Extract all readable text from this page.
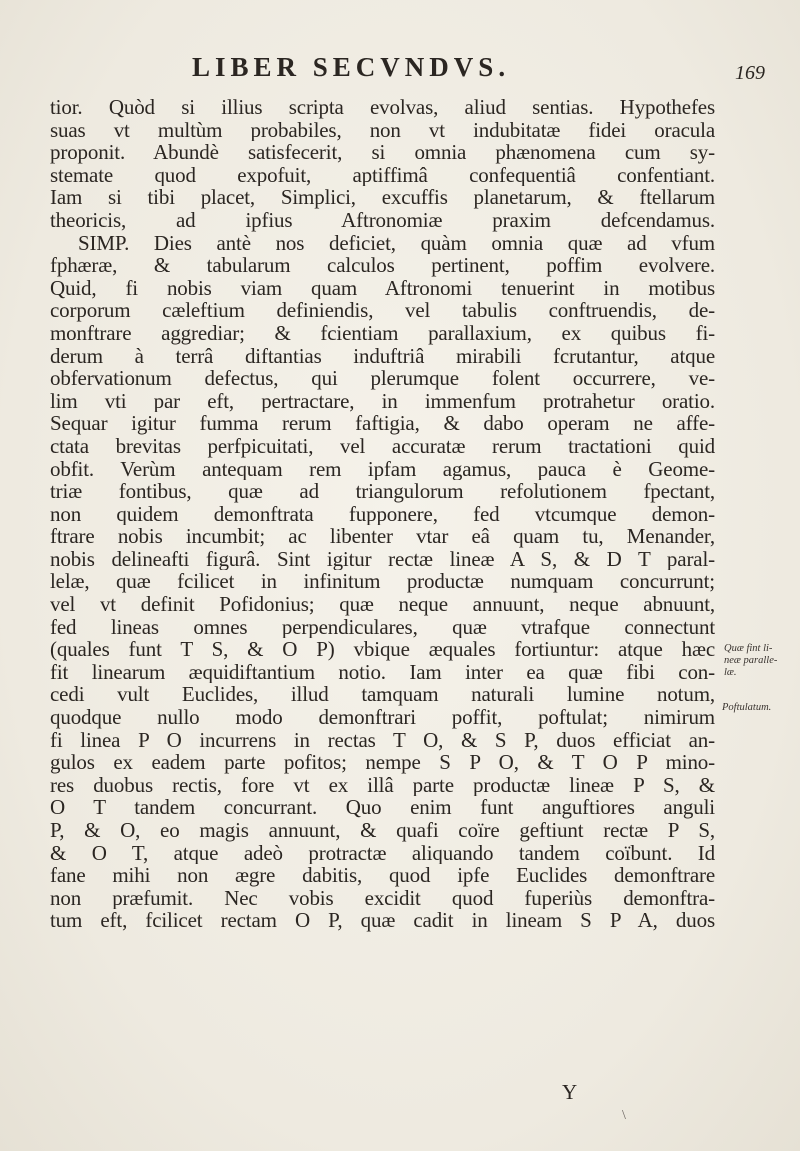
LIBER SECVNDVS.	169
tior. Quòd si illius scripta evolvas, aliud sentias. Hypothefes
suas vt multùm probabiles, non vt indubitatæ fidei oracula
proponit. Abundè satisfecerit, si omnia phænomena cum sy-
stemate quod expofuit, aptiffimâ confequentiâ confentiant.
Iam si tibi placet, Simplici, excuffis planetarum, & ftellarum
theoricis, ad ipfius Aftronomiæ praxim defcendamus.
SIMP. Dies antè nos deficiet, quàm omnia quæ ad vfum
fphæræ, & tabularum calculos pertinent, poffim evolvere.
Quid, fi nobis viam quam Aftronomi tenuerint in motibus
corporum cæleftium definiendis, vel tabulis conftruendis, de-
monftrare aggrediar; & fcientiam parallaxium, ex quibus fi-
derum à terrâ diftantias induftriâ mirabili fcrutantur, atque
obfervationum defectus, qui plerumque folent occurrere, ve-
lim vti par eft, pertractare, in immenfum protrahetur oratio.
Sequar igitur fumma rerum faftigia, & dabo operam ne affe-
ctata brevitas perfpicuitati, vel accuratæ rerum tractationi quid
obfit. Verùm antequam rem ipfam agamus, pauca è Geome-
triæ fontibus, quæ ad triangulorum refolutionem fpectant,
non quidem demonftrata fupponere, fed vtcumque demon-
ftrare nobis incumbit; ac libenter vtar eâ quam tu, Menander,
nobis delineafti figurâ. Sint igitur rectæ lineæ A S, & D T paral-
lelæ, quæ fcilicet in infinitum productæ numquam concurrunt;
vel vt definit Pofidonius; quæ neque annuunt, neque abnuunt,
fed lineas omnes perpendiculares, quæ vtrafque connectunt
(quales funt T S, & O P) vbique æquales fortiuntur: atque hæc
fit linearum æquidiftantium notio. Iam inter ea quæ fibi con-
cedi vult Euclides, illud tamquam naturali lumine notum,
quodque nullo modo demonftrari poffit, poftulat; nimirum
fi linea P O incurrens in rectas T O, & S P, duos efficiat an-
gulos ex eadem parte pofitos; nempe S P O, & T O P mino-
res duobus rectis, fore vt ex illâ parte productæ lineæ P S, &
O T tandem concurrant. Quo enim funt anguftiores anguli
P, & O, eo magis annuunt, & quafi coïre geftiunt rectæ P S,
& O T, atque adeò protractæ aliquando tandem coïbunt. Id
fane mihi non ægre dabitis, quod ipfe Euclides demonftrare
non præfumit. Nec vobis excidit quod fuperiùs demonftra-
tum eft, fcilicet rectam O P, quæ cadit in lineam S P A, duos
Quæ fint li-
neæ paralle-
læ.
Poftulatum.
Y
\
